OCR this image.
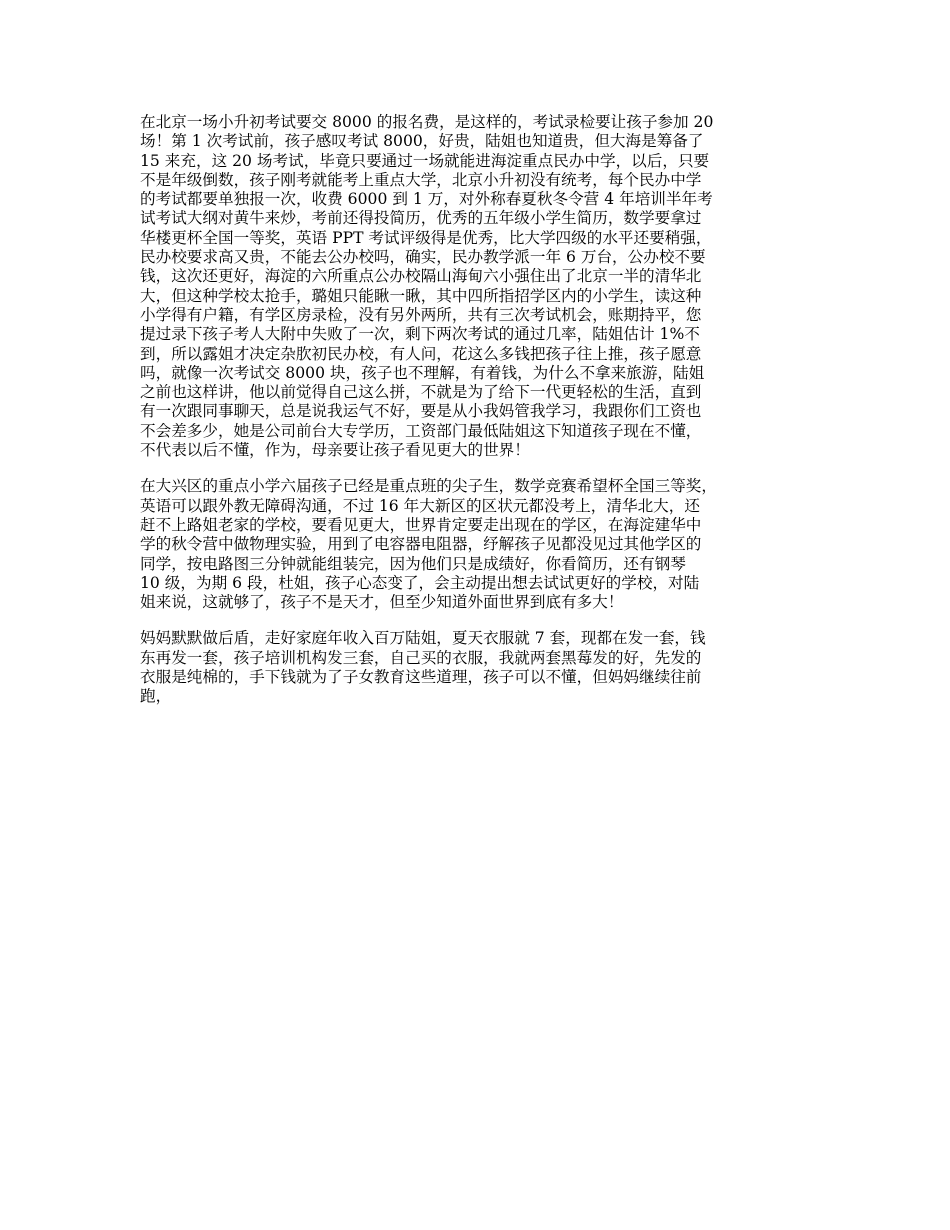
在北京一场小升初考试要交 8000 的报名费，是这样的，考试录检要让孩子参加 20
场！第 1 次考试前，孩子感叹考试 8000，好贵，陆姐也知道贵，但大海是筹备了
15 来充，这 20 场考试，毕竟只要通过一场就能进海淀重点民办中学，以后，只要
不是年级倒数，孩子刚考就能考上重点大学，北京小升初没有统考，每个民办中学
的考试都要单独报一次，收费 6000 到 1 万，对外称春夏秋冬令营 4 年培训半年考
试考试大纲对黄牛来炒，考前还得投简历，优秀的五年级小学生简历，数学要拿过
华楼更杯全国一等奖，英语 PPT 考试评级得是优秀，比大学四级的水平还要稍强，
民办校要求高又贵，不能去公办校吗，确实，民办教学派一年 6 万台，公办校不要
钱，这次还更好，海淀的六所重点公办校隔山海甸六小强住出了北京一半的清华北
大，但这种学校太抢手，璐姐只能瞅一瞅，其中四所指招学区内的小学生，读这种
小学得有户籍，有学区房录检，没有另外两所，共有三次考试机会，账期持平，您
提过录下孩子考人大附中失败了一次，剩下两次考试的通过几率，陆姐估计 1%不
到，所以露姐才决定杂肷初民办校，有人问，花这么多钱把孩子往上推，孩子愿意
吗，就像一次考试交 8000 块，孩子也不理解，有着钱，为什么不拿来旅游，陆姐
之前也这样讲，他以前觉得自己这么拼，不就是为了给下一代更轻松的生活，直到
有一次跟同事聊天，总是说我运气不好，要是从小我妈管我学习，我跟你们工资也
不会差多少，她是公司前台大专学历，工资部门最低陆姐这下知道孩子现在不懂，
不代表以后不懂，作为，母亲要让孩子看见更大的世界！

在大兴区的重点小学六届孩子已经是重点班的尖子生，数学竞赛希望杯全国三等奖，
英语可以跟外教无障碍沟通，不过 16 年大新区的区状元都没考上，清华北大，还
赶不上路姐老家的学校，要看见更大，世界肯定要走出现在的学区，在海淀建华中
学的秋令营中做物理实验，用到了电容器电阻器，纾解孩子见都没见过其他学区的
同学，按电路图三分钟就能组装完，因为他们只是成绩好，你看简历，还有钢琴
10 级，为期 6 段，杜姐，孩子心态变了，会主动提出想去试试更好的学校，对陆
姐来说，这就够了，孩子不是天才，但至少知道外面世界到底有多大！

妈妈默默做后盾，走好家庭年收入百万陆姐，夏天衣服就 7 套，现都在发一套，钱
东再发一套，孩子培训机构发三套，自己买的衣服，我就两套黑莓发的好，先发的
衣服是纯棉的，手下钱就为了子女教育这些道理，孩子可以不懂，但妈妈继续往前
跑，
